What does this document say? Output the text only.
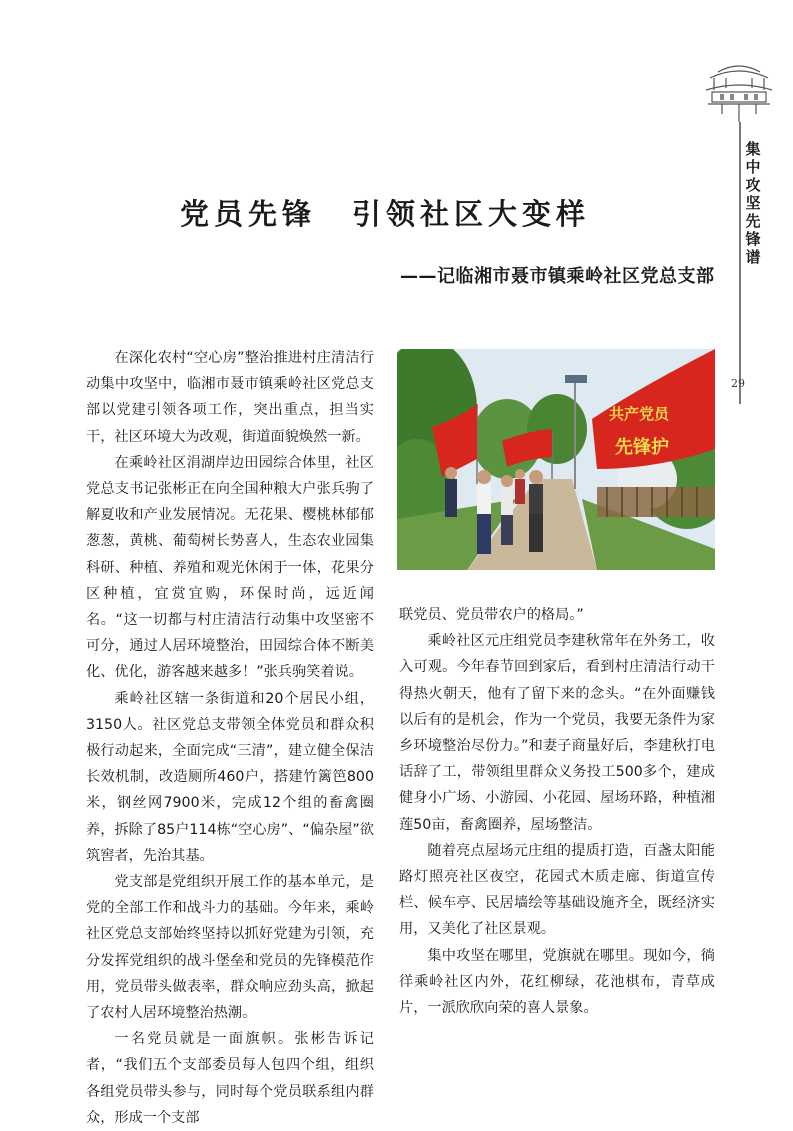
集中攻坚先锋谱
29
党员先锋 引领社区大变样
——记临湘市聂市镇乘岭社区党总支部

在深化农村“空心房”整治推进村庄清洁行动集中攻坚中，临湘市聂市镇乘岭社区党总支部以党建引领各项工作，突出重点，担当实干，社区环境大为改观，街道面貌焕然一新。

在乘岭社区涓湖岸边田园综合体里，社区党总支书记张彬正在向全国种粮大户张兵驹了解夏收和产业发展情况。无花果、樱桃林郁郁葱葱，黄桃、葡萄树长势喜人，生态农业园集科研、种植、养殖和观光休闲于一体，花果分区种植，宜赏宜购，环保时尚，远近闻名。“这一切都与村庄清洁行动集中攻坚密不可分，通过人居环境整治，田园综合体不断美化、优化，游客越来越多！”张兵驹笑着说。

乘岭社区辖一条街道和20个居民小组，3150人。社区党总支带领全体党员和群众积极行动起来，全面完成“三清”，建立健全保洁长效机制，改造厕所460户，搭建竹篱笆800米，钢丝网7900米，完成12个组的畜禽圈养，拆除了85户114栋“空心房”、“偏杂屋”欲筑窖者，先治其基。

党支部是党组织开展工作的基本单元，是党的全部工作和战斗力的基础。今年来，乘岭社区党总支部始终坚持以抓好党建为引领，充分发挥党组织的战斗堡垒和党员的先锋模范作用，党员带头做表率，群众响应劲头高，掀起了农村人居环境整治热潮。

一名党员就是一面旗帜。张彬告诉记者，“我们五个支部委员每人包四个组，组织各组党员带头参与，同时每个党员联系组内群众，形成一个支部

共产党员
先锋护

联党员、党员带农户的格局。”

乘岭社区元庄组党员李建秋常年在外务工，收入可观。今年春节回到家后，看到村庄清洁行动干得热火朝天，他有了留下来的念头。“在外面赚钱以后有的是机会，作为一个党员，我要无条件为家乡环境整治尽份力。”和妻子商量好后，李建秋打电话辞了工，带领组里群众义务投工500多个，建成健身小广场、小游园、小花园、屋场环路，种植湘莲50亩，畜禽圈养，屋场整洁。

随着亮点屋场元庄组的提质打造，百盏太阳能路灯照亮社区夜空，花园式木质走廊、街道宣传栏、候车亭、民居墙绘等基础设施齐全，既经济实用，又美化了社区景观。

集中攻坚在哪里，党旗就在哪里。现如今，徜徉乘岭社区内外，花红柳绿，花池棋布，青草成片，一派欣欣向荣的喜人景象。
